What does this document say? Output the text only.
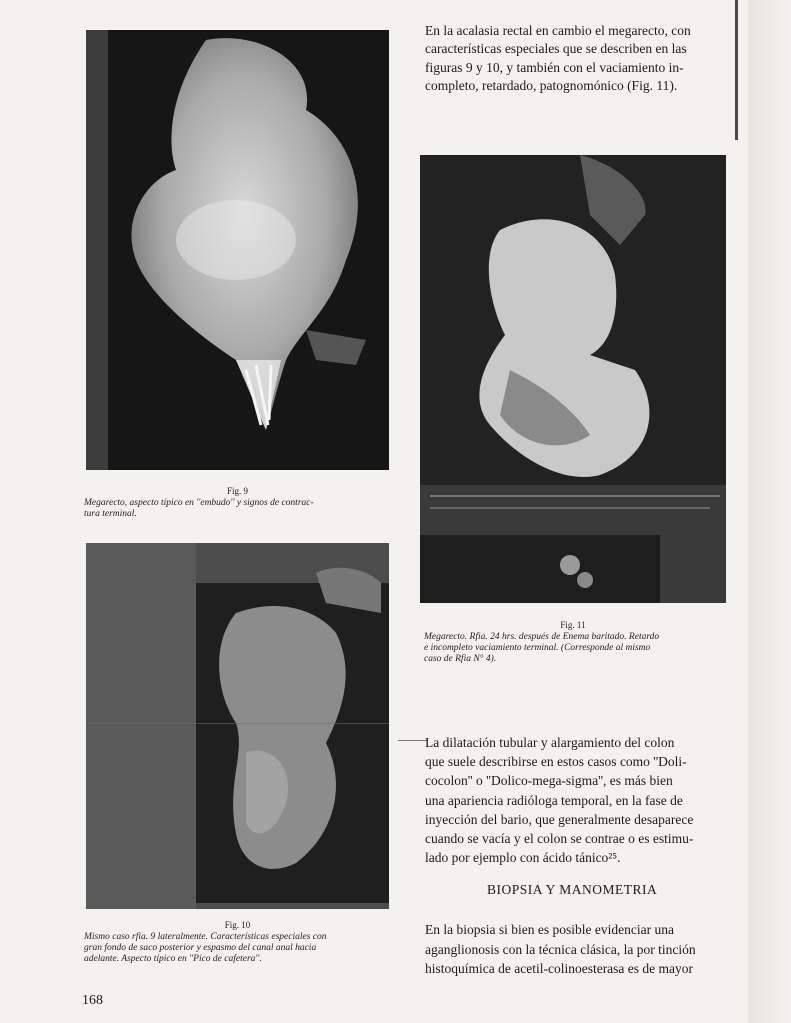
En la acalasia rectal en cambio el megarecto, con
características especiales que se describen en las
figuras 9 y 10, y también con el vaciamiento in-
completo, retardado, patognomónico (Fig. 11).
Fig. 9
Megarecto, aspecto típico en ''embudo'' y signos de contrac-
tura terminal.
Fig. 11
Megarecto. Rfia. 24 hrs. después de Enema baritado. Retardo
e incompleto vaciamiento terminal. (Corresponde al mismo
caso de Rfia N° 4).
Fig. 10
Mismo caso rfia. 9 lateralmente. Características especiales con
gran fondo de saco posterior y espasmo del canal anal hacia
adelante. Aspecto típico en ''Pico de cafetera''.
La dilatación tubular y alargamiento del colon
que suele describirse en estos casos como ''Doli-
cocolon'' o ''Dolico-mega-sigma'', es más bien
una apariencia radiólogа temporal, en la fase de
inyección del bario, que generalmente desaparece
cuando se vacía y el colon se contrae o es estimu-
lado por ejemplo con ácido tánico²⁵.
BIOPSIA Y MANOMETRIA
En la biopsia si bien es posible evidenciar una
aganglionosis con la técnica clásica, la por tinción
histoquímica de acetil-colinoesterasa es de mayor
168
